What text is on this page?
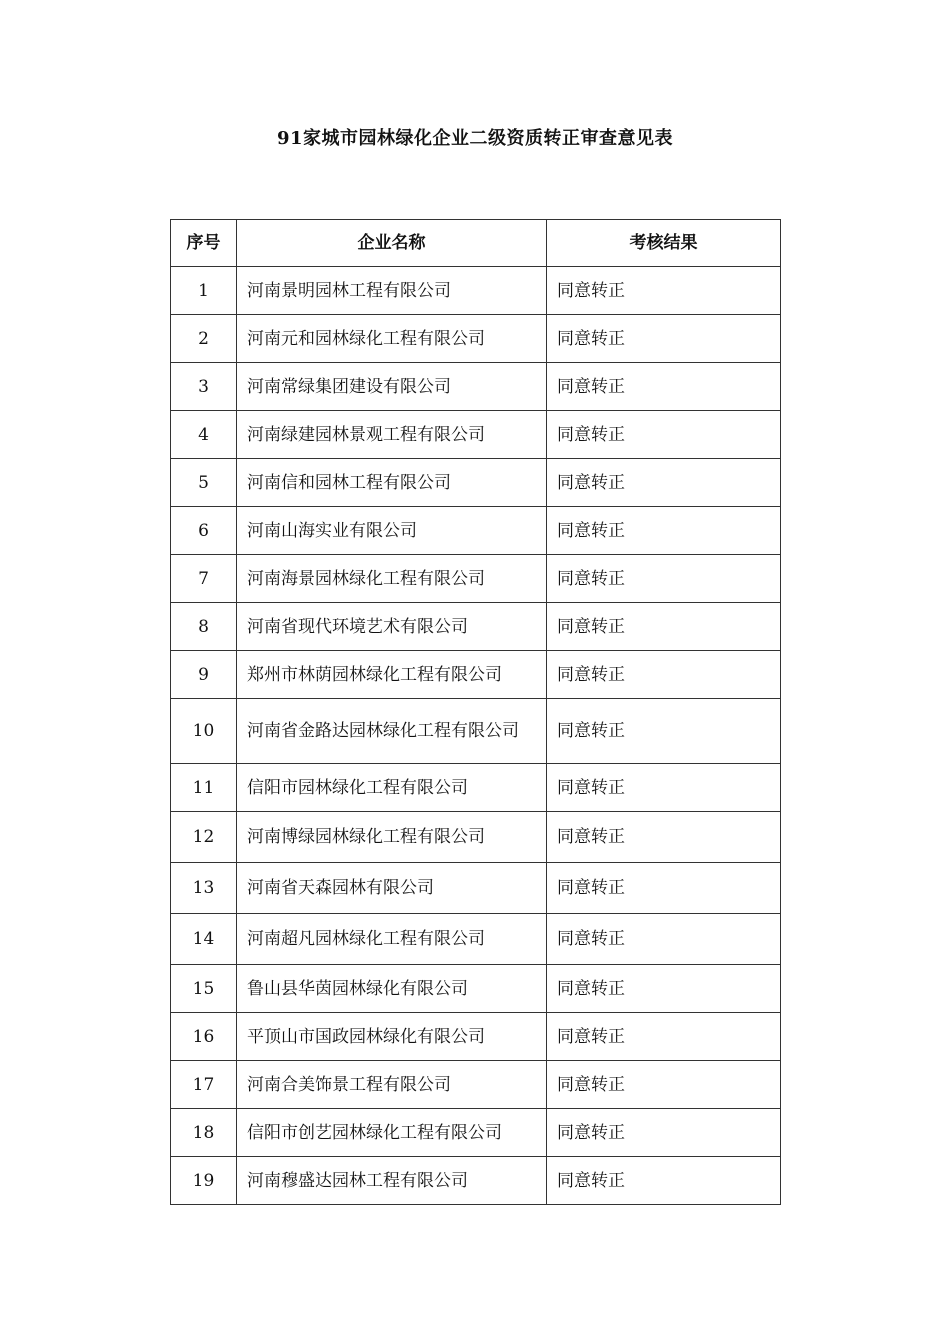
91家城市园林绿化企业二级资质转正审查意见表
序号	企业名称	考核结果
1	河南景明园林工程有限公司	同意转正
2	河南元和园林绿化工程有限公司	同意转正
3	河南常绿集团建设有限公司	同意转正
4	河南绿建园林景观工程有限公司	同意转正
5	河南信和园林工程有限公司	同意转正
6	河南山海实业有限公司	同意转正
7	河南海景园林绿化工程有限公司	同意转正
8	河南省现代环境艺术有限公司	同意转正
9	郑州市林荫园林绿化工程有限公司	同意转正
10	河南省金路达园林绿化工程有限公司	同意转正
11	信阳市园林绿化工程有限公司	同意转正
12	河南博绿园林绿化工程有限公司	同意转正
13	河南省天森园林有限公司	同意转正
14	河南超凡园林绿化工程有限公司	同意转正
15	鲁山县华茵园林绿化有限公司	同意转正
16	平顶山市国政园林绿化有限公司	同意转正
17	河南合美饰景工程有限公司	同意转正
18	信阳市创艺园林绿化工程有限公司	同意转正
19	河南穆盛达园林工程有限公司	同意转正
